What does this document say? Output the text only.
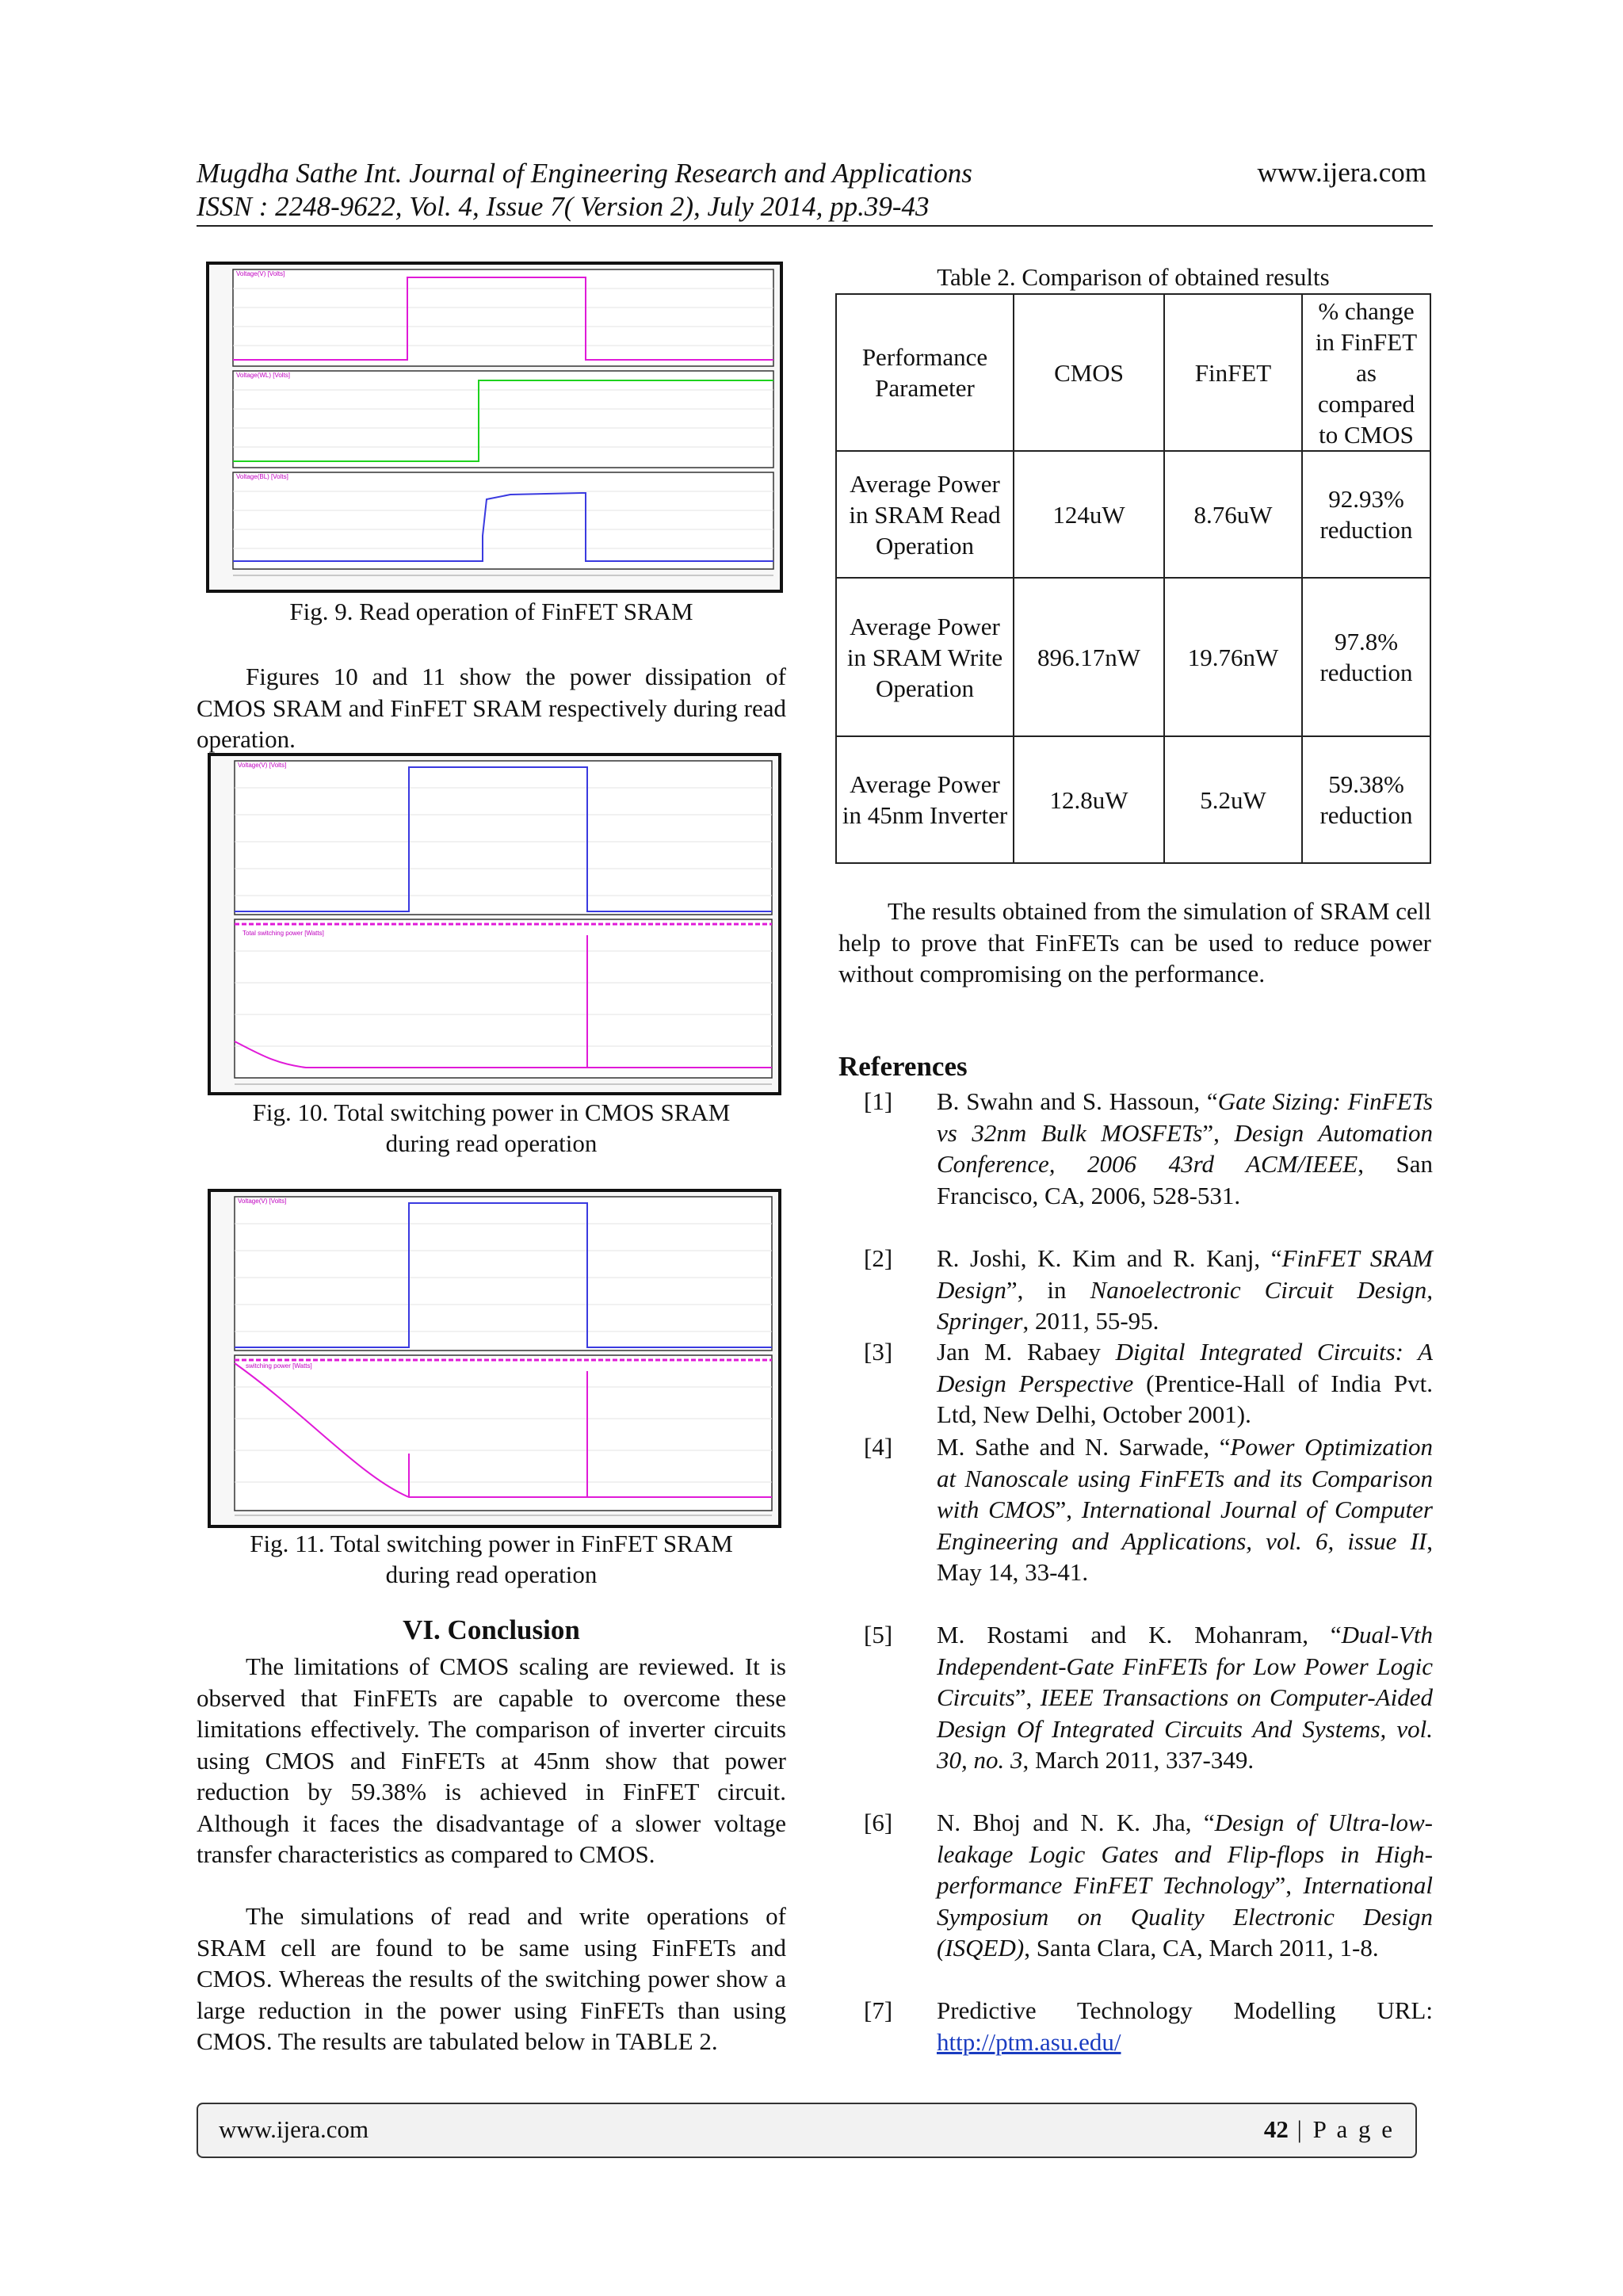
Mugdha Sathe Int. Journal of Engineering Research and Applications	www.ijera.com
ISSN : 2248-9622, Vol. 4, Issue 7( Version 2), July 2014, pp.39-43
Voltage(V) [Volts]
Voltage(WL) [Volts]
Voltage(BL) [Volts]
Fig. 9. Read operation of FinFET SRAM
Figures 10 and 11 show the power dissipation of CMOS SRAM and FinFET SRAM respectively during read operation.
Voltage(V) [Volts]
Total switching power [Watts]
Fig. 10. Total switching power in CMOS SRAM
during read operation
Voltage(V) [Volts]
switching power [Watts]
Fig. 11. Total switching power in FinFET SRAM
during read operation
VI. Conclusion
The limitations of CMOS scaling are reviewed. It is observed that FinFETs are capable to overcome these limitations effectively. The comparison of inverter circuits using CMOS and FinFETs at 45nm show that power reduction by 59.38% is achieved in FinFET circuit. Although it faces the disadvantage of a slower voltage transfer characteristics as compared to CMOS.
The simulations of read and write operations of SRAM cell are found to be same using FinFETs and CMOS. Whereas the results of the switching power show a large reduction in the power using FinFETs than using CMOS. The results are tabulated below in TABLE 2.
Table 2. Comparison of obtained results
Performance Parameter	CMOS	FinFET	% change in FinFET as compared to CMOS
Average Power in SRAM Read Operation	124uW	8.76uW	92.93% reduction
Average Power in SRAM Write Operation	896.17nW	19.76nW	97.8% reduction
Average Power in 45nm Inverter	12.8uW	5.2uW	59.38% reduction
The results obtained from the simulation of SRAM cell help to prove that FinFETs can be used to reduce power without compromising on the performance.
References
[1] B. Swahn and S. Hassoun, “Gate Sizing: FinFETs vs 32nm Bulk MOSFETs”, Design Automation Conference, 2006 43rd ACM/IEEE, San Francisco, CA, 2006, 528-531.
[2] R. Joshi, K. Kim and R. Kanj, “FinFET SRAM Design”, in Nanoelectronic Circuit Design, Springer, 2011, 55-95.
[3] Jan M. Rabaey Digital Integrated Circuits: A Design Perspective (Prentice-Hall of India Pvt. Ltd, New Delhi, October 2001).
[4] M. Sathe and N. Sarwade, “Power Optimization at Nanoscale using FinFETs and its Comparison with CMOS”, International Journal of Computer Engineering and Applications, vol. 6, issue II, May 14, 33-41.
[5] M. Rostami and K. Mohanram, “Dual-Vth Independent-Gate FinFETs for Low Power Logic Circuits”, IEEE Transactions on Computer-Aided Design Of Integrated Circuits And Systems, vol. 30, no. 3, March 2011, 337-349.
[6] N. Bhoj and N. K. Jha, “Design of Ultra-low-leakage Logic Gates and Flip-flops in High-performance FinFET Technology”, International Symposium on Quality Electronic Design (ISQED), Santa Clara, CA, March 2011, 1-8.
[7] Predictive Technology Modelling URL:
http://ptm.asu.edu/
www.ijera.com	42 | P a g e
